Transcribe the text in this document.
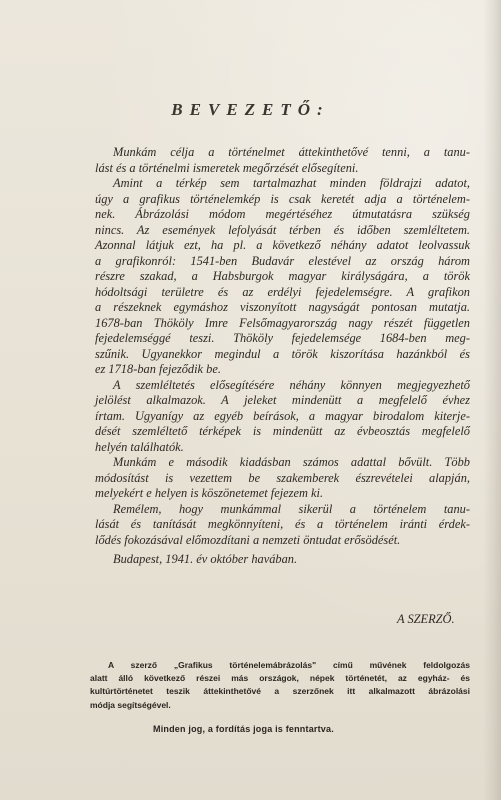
BEVEZETŐ:
Munkám célja a történelmet áttekinthetővé tenni, a tanu-
lást és a történelmi ismeretek megőrzését elősegíteni.
Amint a térkép sem tartalmazhat minden földrajzi adatot,
úgy a grafikus történelemkép is csak keretét adja a történelem-
nek. Ábrázolási módom megértéséhez útmutatásra szükség
nincs. Az események lefolyását térben és időben szemléltetem.
Azonnal látjuk ezt, ha pl. a következő néhány adatot leolvassuk
a grafikonról: 1541-ben Budavár elestével az ország három
részre szakad, a Habsburgok magyar királyságára, a török
hódoltsági területre és az erdélyi fejedelemségre. A grafikon
a részeknek egymáshoz viszonyított nagyságát pontosan mutatja.
1678-ban Thököly Imre Felsőmagyarország nagy részét független
fejedelemséggé teszi. Thököly fejedelemsége 1684-ben meg-
szűnik. Ugyanekkor megindul a török kiszorítása hazánkból és
ez 1718-ban fejeződik be.
A szemléltetés elősegítésére néhány könnyen megjegyezhető
jelölést alkalmazok. A jeleket mindenütt a megfelelő évhez
írtam. Ugyanígy az egyéb beírások, a magyar birodalom kiterje-
dését szemléltető térképek is mindenütt az évbeosztás megfelelő
helyén találhatók.
Munkám e második kiadásban számos adattal bővült. Több
módosítást is vezettem be szakemberek észrevételei alapján,
melyekért e helyen is köszönetemet fejezem ki.
Remélem, hogy munkámmal sikerül a történelem tanu-
lását és tanítását megkönnyíteni, és a történelem iránti érdek-
lődés fokozásával előmozdítani a nemzeti öntudat erősödését.
Budapest, 1941. év október havában.
A SZERZŐ.
A szerző „Grafikus történelemábrázolás" című művének feldolgozás
alatt álló következő részei más országok, népek történetét, az egyház- és
kultúrtörténetet teszik áttekinthetővé a szerzőnek itt alkalmazott ábrázolási
módja segítségével.
Minden jog, a fordítás joga is fenntartva.
